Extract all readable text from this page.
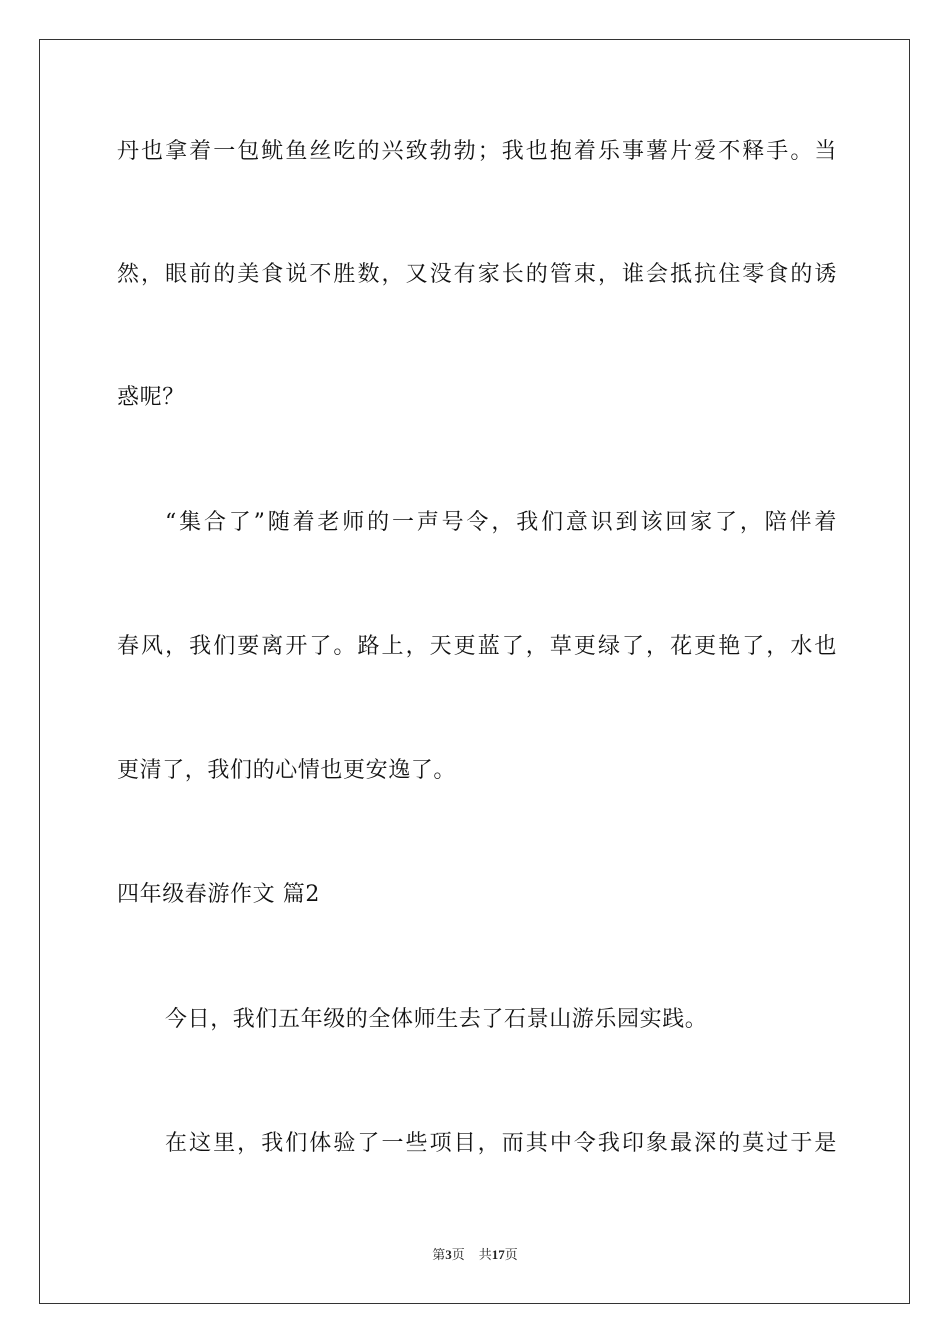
丹也拿着一包鱿鱼丝吃的兴致勃勃；我也抱着乐事薯片爱不释手。当
然，眼前的美食说不胜数，又没有家长的管束，谁会抵抗住零食的诱
惑呢？
“集合了”随着老师的一声号令，我们意识到该回家了，陪伴着
春风，我们要离开了。路上，天更蓝了，草更绿了，花更艳了，水也
更清了，我们的心情也更安逸了。
四年级春游作文 篇2
今日，我们五年级的全体师生去了石景山游乐园实践。
在这里，我们体验了一些项目，而其中令我印象最深的莫过于是
第3页 共17页
